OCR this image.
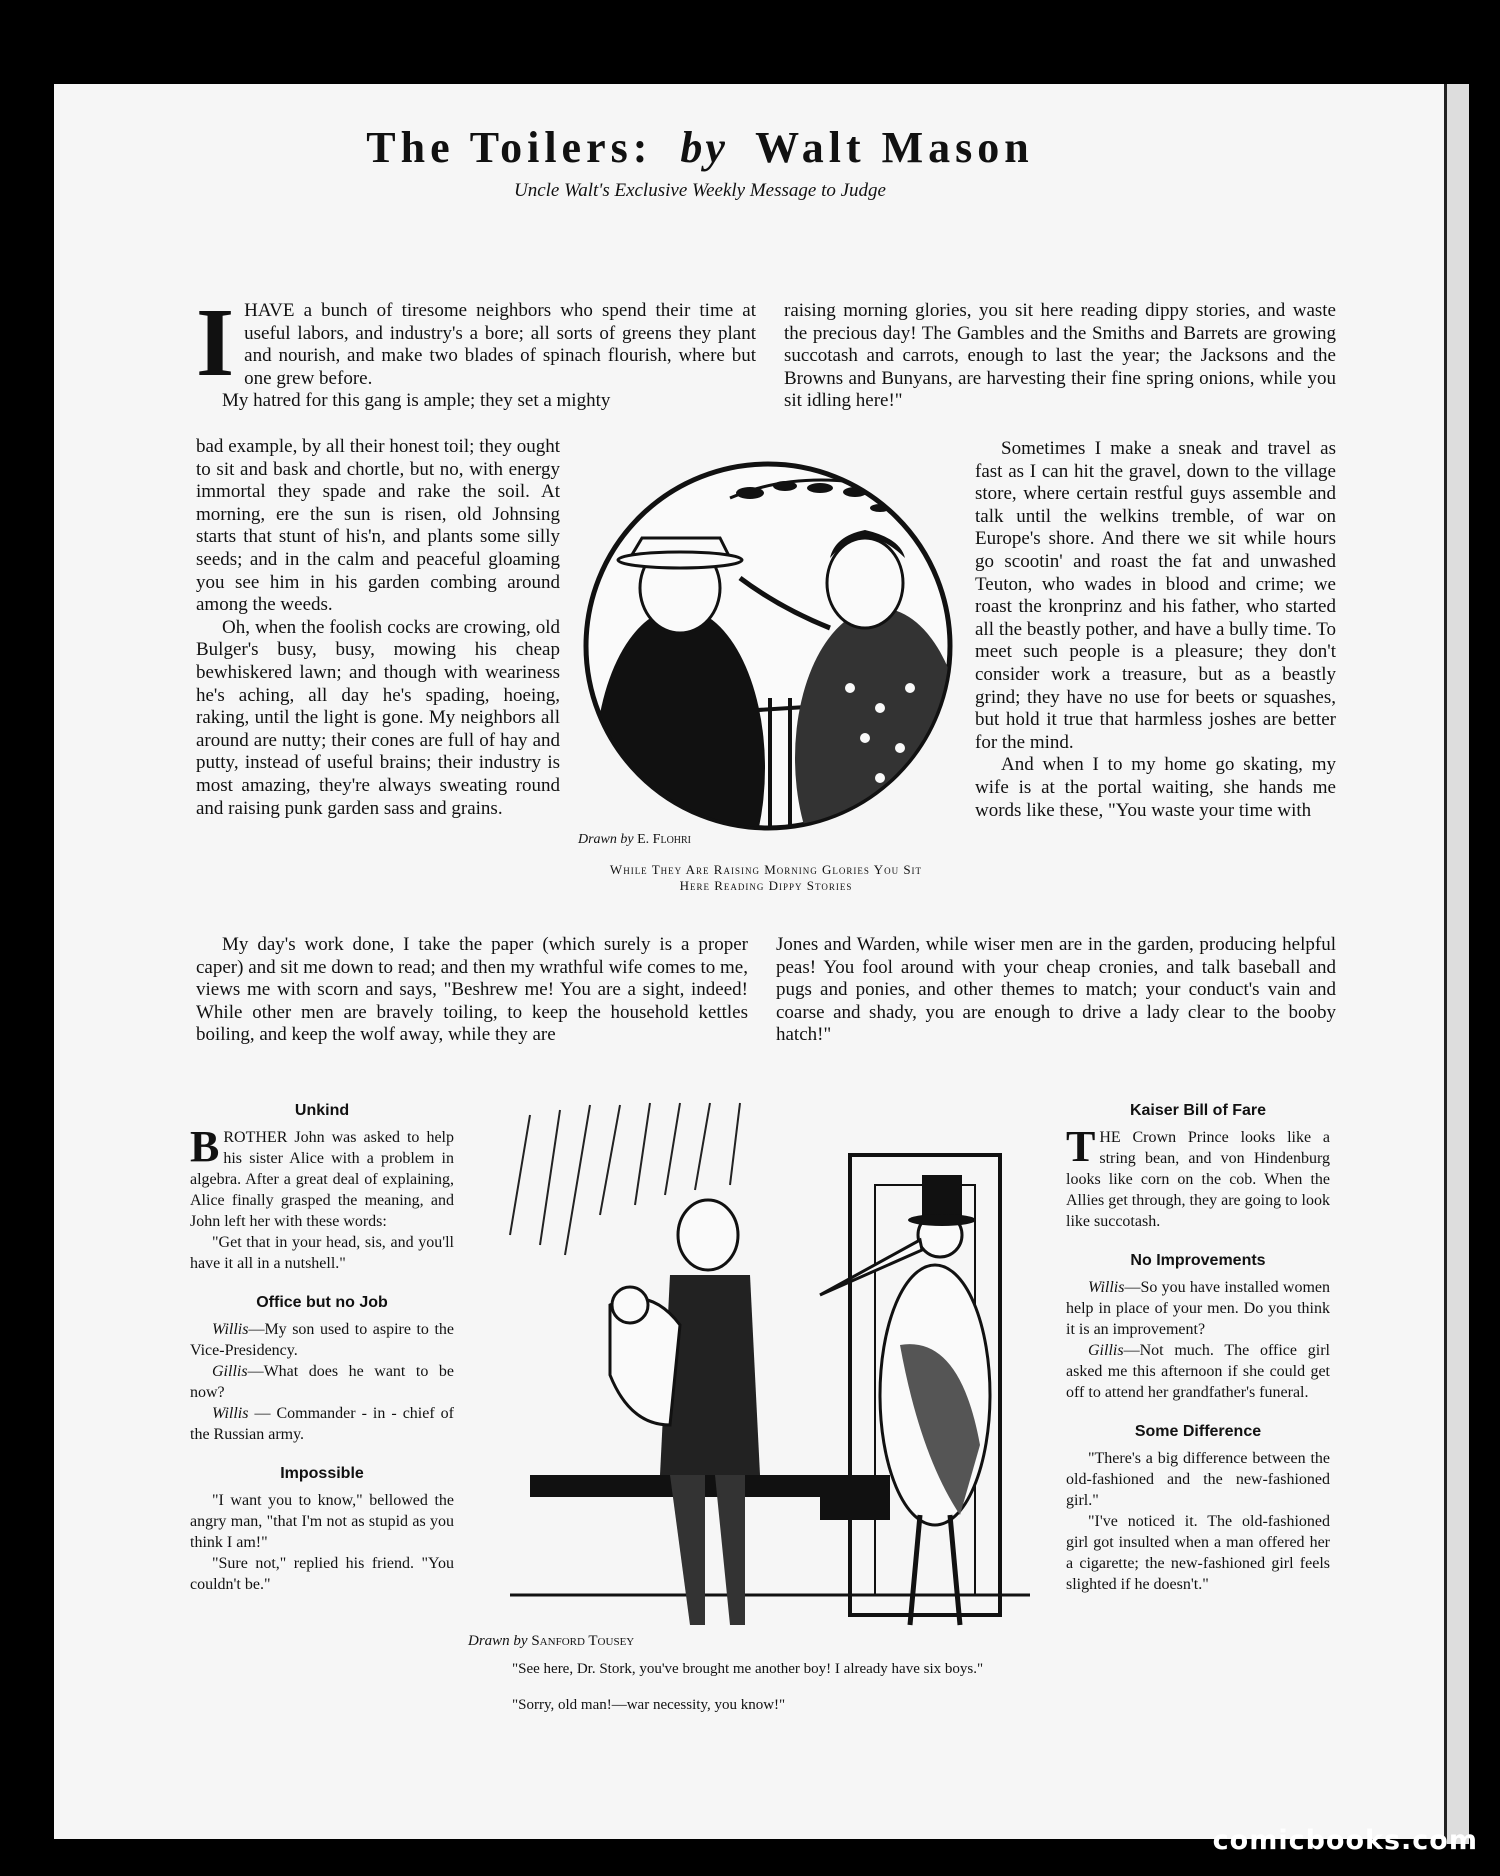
The Toilers: by Walt Mason
Uncle Walt's Exclusive Weekly Message to Judge

IHAVE a bunch of tiresome neighbors who spend their time at useful labors, and industry's a bore; all sorts of greens they plant and nourish, and make two blades of spinach flourish, where but one grew before.

My hatred for this gang is ample; they set a mighty

raising morning glories, you sit here reading dippy stories, and waste the precious day! The Gambles and the Smiths and Barrets are growing succotash and carrots, enough to last the year; the Jacksons and the Browns and Bunyans, are harvesting their fine spring onions, while you sit idling here!"

bad example, by all their honest toil; they ought to sit and bask and chortle, but no, with energy immortal they spade and rake the soil. At morning, ere the sun is risen, old Johnsing starts that stunt of his'n, and plants some silly seeds; and in the calm and peaceful gloaming you see him in his garden combing around among the weeds.

Oh, when the foolish cocks are crowing, old Bulger's busy, busy, mowing his cheap bewhiskered lawn; and though with weariness he's aching, all day he's spading, hoeing, raking, until the light is gone. My neighbors all around are nutty; their cones are full of hay and putty, instead of useful brains; their industry is most amazing, they're always sweating round and raising punk garden sass and grains.

Sometimes I make a sneak and travel as fast as I can hit the gravel, down to the village store, where certain restful guys assemble and talk until the welkins tremble, of war on Europe's shore. And there we sit while hours go scootin' and roast the fat and unwashed Teuton, who wades in blood and crime; we roast the kronprinz and his father, who started all the beastly pother, and have a bully time. To meet such people is a pleasure; they don't consider work a treasure, but as a beastly grind; they have no use for beets or squashes, but hold it true that harmless joshes are better for the mind.

And when I to my home go skating, my wife is at the portal waiting, she hands me words like these, "You waste your time with

Drawn by E. Flohri
While They Are Raising Morning Glories You Sit Here Reading Dippy Stories

My day's work done, I take the paper (which surely is a proper caper) and sit me down to read; and then my wrathful wife comes to me, views me with scorn and says, "Beshrew me! You are a sight, indeed! While other men are bravely toiling, to keep the household kettles boiling, and keep the wolf away, while they are

Jones and Warden, while wiser men are in the garden, producing helpful peas! You fool around with your cheap cronies, and talk baseball and pugs and ponies, and other themes to match; your conduct's vain and coarse and shady, you are enough to drive a lady clear to the booby hatch!"

Unkind

BROTHER John was asked to help his sister Alice with a problem in algebra. After a great deal of explaining, Alice finally grasped the meaning, and John left her with these words:

"Get that in your head, sis, and you'll have it all in a nutshell."

Office but no Job

Willis—My son used to aspire to the Vice-Presidency.

Gillis—What does he want to be now?

Willis — Commander - in - chief of the Russian army.

Impossible

"I want you to know," bellowed the angry man, "that I'm not as stupid as you think I am!"

"Sure not," replied his friend. "You couldn't be."

Drawn by Sanford Tousey
"See here, Dr. Stork, you've brought me another boy! I already have six boys."
"Sorry, old man!—war necessity, you know!"
Kaiser Bill of Fare

THE Crown Prince looks like a string bean, and von Hindenburg looks like corn on the cob. When the Allies get through, they are going to look like succotash.

No Improvements

Willis—So you have installed women help in place of your men. Do you think it is an improvement?

Gillis—Not much. The office girl asked me this afternoon if she could get off to attend her grandfather's funeral.

Some Difference

"There's a big difference between the old-fashioned and the new-fashioned girl."

"I've noticed it. The old-fashioned girl got insulted when a man offered her a cigarette; the new-fashioned girl feels slighted if he doesn't."

comicbooks.com
